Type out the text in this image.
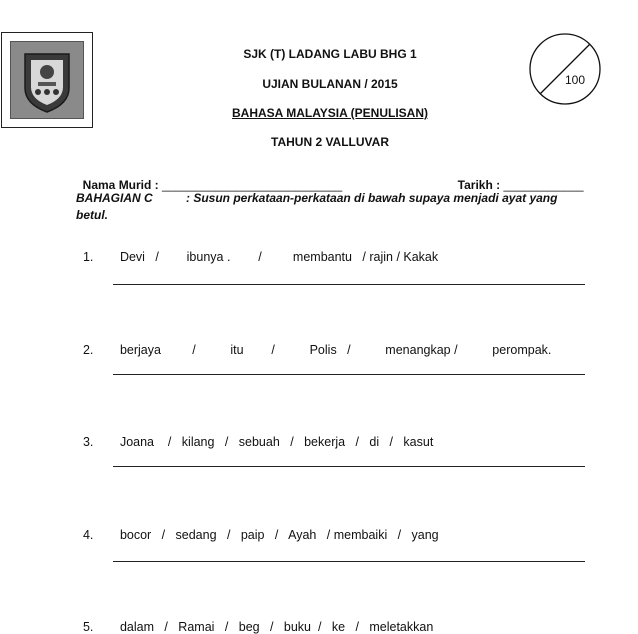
SJK (T) LADANG LABU BHG 1
UJIAN BULANAN / 2015
BAHASA MALAYSIA (PENULISAN)
TAHUN 2 VALLUVAR
100

Nama Murid : ___________________________	Tarikh : ____________

BAHAGIAN C	: Susun perkataan-perkataan di bawah supaya menjadi ayat yang
betul.

1. Devi   /        ibunya .        /         membantu   / rajin / Kakak

2. berjaya         /          itu        /          Polis   /          menangkap /          perompak.

3. Joana    /   kilang   /   sebuah   /   bekerja   /   di   /   kasut

4. bocor   /   sedang   /   paip   /   Ayah   / membaiki   /   yang

5. dalam   /   Ramai   /   beg   /   buku  /   ke   /   meletakkan
